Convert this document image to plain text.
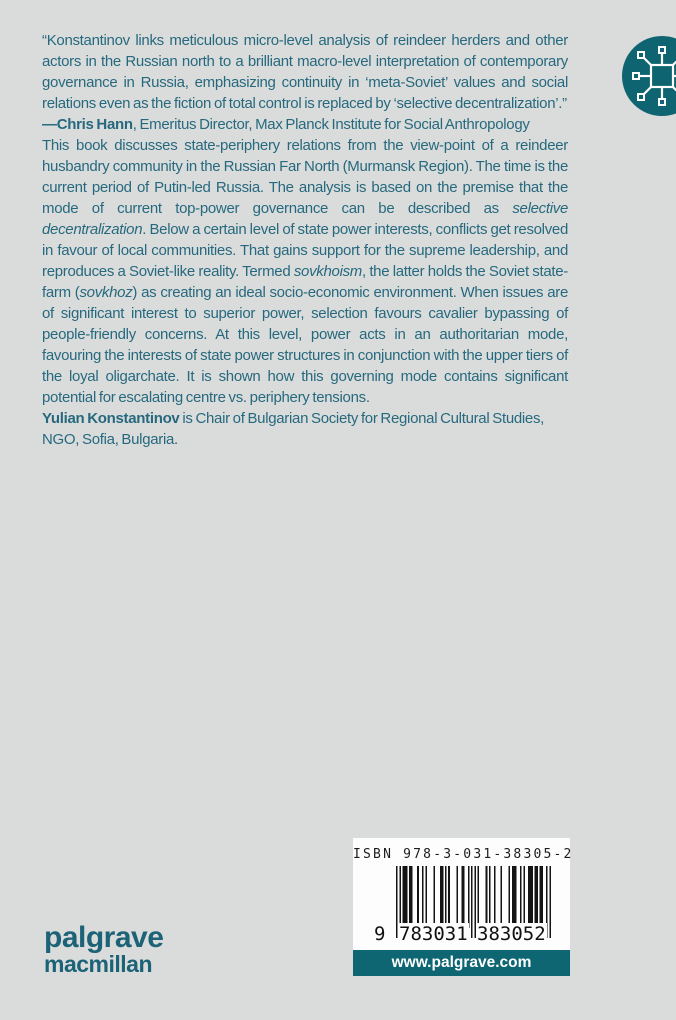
“Konstantinov links meticulous micro-level analysis of reindeer herders and other actors in the Russian north to a brilliant macro-level interpretation of contemporary governance in Russia, emphasizing continuity in ‘meta-Soviet’ values and social relations even as the fiction of total control is replaced by ‘selective decentralization’.”

—Chris Hann, Emeritus Director, Max Planck Institute for Social Anthropology

This book discusses state-periphery relations from the view-point of a reindeer husbandry community in the Russian Far North (Murmansk Region). The time is the current period of Putin-led Russia. The analysis is based on the premise that the mode of current top-power governance can be described as selective decentralization. Below a certain level of state power interests, conflicts get resolved in favour of local communities. That gains support for the supreme leadership, and reproduces a Soviet-like reality. Termed sovkhoism, the latter holds the Soviet state-farm (sovkhoz) as creating an ideal socio-economic environment. When issues are of significant interest to superior power, selection favours cavalier bypassing of people-friendly concerns. At this level, power acts in an authoritarian mode, favouring the interests of state power structures in conjunction with the upper tiers of the loyal oligarchate. It is shown how this governing mode contains significant potential for escalating centre vs. periphery tensions.

Yulian Konstantinov is Chair of Bulgarian Society for Regional Cultural Studies, NGO, Sofia, Bulgaria.

ISBN 978-3-031-38305-2
9 783031 383052
www.palgrave.com
palgrave
macmillan
